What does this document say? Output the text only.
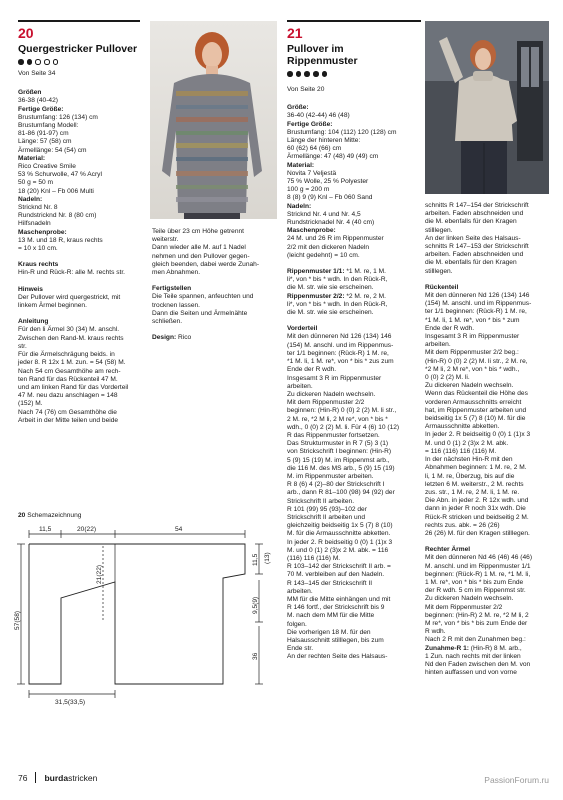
20
Quergestricker Pullover
Von Seite 34
Größen
36-38 (40-42)
Fertige Größe:
Brustumfang: 126 (134) cm
Brustumfang Modell:
81-86 (91-97) cm
Länge: 57 (58) cm
Ärmellänge: 54 (54) cm
Material:
Rico Creative Smile
53 % Schurwolle, 47 % Acryl
50 g = 50 m
18 (20) Knl – Fb 006 Multi
Nadeln:
Stricknd Nr. 8
Rundstricknd Nr. 8 (80 cm)
Hilfsnadeln
Maschenprobe:
13 M. und 18 R, kraus rechts
= 10 x 10 cm.
Kraus rechts
Hin-R und Rück-R: alle M. rechts str.
Hinweis
Der Pullover wird quergestrickt, mit
linkem Ärmel beginnen.
Anleitung
Für den li Ärmel 30 (34) M. anschl.
Zwischen den Rand-M. kraus rechts
str.
Für die Ärmelschrägung beids. in
jeder 8. R 12x 1 M. zun. = 54 (58) M.
Nach 54 cm Gesamthöhe am rech-
ten Rand für das Rückenteil 47 M.
und am linken Rand für das Vorderteil
47 M. neu dazu anschlagen = 148
(152) M.
Nach 74 (76) cm Gesamthöhe die
Arbeit in der Mitte teilen und beide
20 Schemazeichnung
Teile über 23 cm Höhe getrennt
weiterstr.
Dann wieder alle M. auf 1 Nadel
nehmen und den Pullover gegen-
gleich beenden, dabei werde Zunah-
men Abnahmen.
Fertigstellen
Die Teile spannen, anfeuchten und
trocknen lassen.
Dann die Seiten und Ärmelnähte
schließen.
Design: Rico
11,5	20(22)	54
21(22)
57(58)
31,5(33,5)
11,5 (13)
9,5(9)
36
21
Pullover im
Rippenmuster
Von Seite 20
Größe:
36-40 (42-44) 46 (48)
Fertige Größe:
Brustumfang: 104 (112) 120 (128) cm
Länge der hinteren Mitte:
60 (62) 64 (66) cm
Ärmellänge: 47 (48) 49 (49) cm
Material:
Novita 7 Veljestä
75 % Wolle, 25 % Polyester
100 g = 200 m
8 (8) 9 (9) Knl – Fb 060 Sand
Nadeln:
Stricknd Nr. 4 und Nr. 4,5
Rundstricknadel Nr. 4 (40 cm)
Maschenprobe:
24 M. und 26 R im Rippenmuster
2/2 mit den dickeren Nadeln
(leicht gedehnt) = 10 cm.
Rippenmuster 1/1: *1 M. re, 1 M.
li*, von * bis * wdh. In den Rück-R,
die M. str. wie sie erscheinen.
Rippenmuster 2/2: *2 M. re, 2 M.
li*, von * bis * wdh. In den Rück-R,
die M. str. wie sie erscheinen.
Vorderteil
Mit den dünneren Nd 126 (134) 146
(154) M. anschl. und im Rippenmus-
ter 1/1 beginnen: (Rück-R) 1 M. re,
*1 M. li, 1 M. re*, von * bis * zus zum
Ende der R wdh.
Insgesamt 3 R im Rippenmuster
arbeiten.
Zu dickeren Nadeln wechseln.
Mit dem Rippenmuster 2/2
beginnen: (Hin-R) 0 (0) 2 (2) M. li str.,
2 M. re, *2 M li, 2 M re*, von * bis *
wdh., 0 (0) 2 (2) M. li. Für 4 (6) 10 (12)
R das Rippenmuster fortsetzen.
Das Strukturmuster in R 7 (5) 3 (1)
von Strickschrift I beginnen: (Hin-R)
5 (9) 15 (19) M. im Rippenmst arb.,
die 116 M. des MS arb., 5 (9) 15 (19)
M. im Rippenmuster arbeiten.
R 8 (6) 4 (2)–80 der Strickschrift I
arb., dann R 81–100 (98) 94 (92) der
Strickschrift II arbeiten.
R 101 (99) 95 (93)–102 der
Strickschrift II arbeiten und
gleichzeitig beidseitig 1x 5 (7) 8 (10)
M. für die Armausschnitte abketten.
In jeder 2. R beidseitig 0 (0) 1 (1)x 3
M. und 0 (1) 2 (3)x 2 M. abk. = 116
(116) 116 (116) M.
R 103–142 der Strickschrift II arb. =
70 M. verbleiben auf den Nadeln.
R 143–145 der Strickschrift II
arbeiten.
MM für die Mitte einhängen und mit
R 146 fortf., der Strickschrift bis 9
M. nach dem MM für die Mitte
folgen.
Die vorherigen 18 M. für den
Halsausschnitt stilllegen, bis zum
Ende str.
An der rechten Seite des Halsaus-
schnitts R 147–154 der Strickschrift
arbeiten. Faden abschneiden und
die M. ebenfalls für den Kragen
stilllegen.
An der linken Seite des Halsaus-
schnitts R 147–153 der Strickschrift
arbeiten. Faden abschneiden und
die M. ebenfalls für den Kragen
stilllegen.
Rückenteil
Mit den dünneren Nd 126 (134) 146
(154) M. anschl. und im Rippenmus-
ter 1/1 beginnen: (Rück-R) 1 M. re,
*1 M. li, 1 M. re*, von * bis * zum
Ende der R wdh.
Insgesamt 3 R im Rippenmuster
arbeiten.
Mit dem Rippenmuster 2/2 beg.:
(Hin-R) 0 (0) 2 (2) M. li str., 2 M. re,
*2 M li, 2 M re*, von * bis * wdh.,
0 (0) 2 (2) M. li.
Zu dickeren Nadeln wechseln.
Wenn das Rückenteil die Höhe des
vorderen Armausschnitts erreicht
hat, im Rippenmuster arbeiten und
beidseitig 1x 5 (7) 8 (10) M. für die
Armausschnitte abketten.
In jeder 2. R beidseitig 0 (0) 1 (1)x 3
M. und 0 (1) 2 (3)x 2 M. abk.
= 116 (116) 116 (116) M.
In der nächsten Hin-R mit den
Abnahmen beginnen: 1 M. re, 2 M.
li, 1 M. re, Überzug, bis auf die
letzten 6 M. weiterstr., 2 M. rechts
zus. str., 1 M. re, 2 M. li, 1 M. re.
Die Abn. in jeder 2. R 12x wdh. und
dann in jeder R noch 31x wdh. Die
Rück-R stricken und beidseitig 2 M.
rechts zus. abk. = 26 (26)
26 (26) M. für den Kragen stilllegen.
Rechter Ärmel
Mit den dünneren Nd 46 (46) 46 (46)
M. anschl. und im Rippenmuster 1/1
beginnen: (Rück-R) 1 M. re, *1 M. li,
1 M. re*, von * bis * bis zum Ende
der R wdh. 5 cm im Rippenmst str.
Zu dickeren Nadeln wechseln.
Mit dem Rippenmuster 2/2
beginnen: (Hin-R) 2 M. re, *2 M li, 2
M re*, von * bis * bis zum Ende der
R wdh.
Nach 2 R mit den Zunahmen beg.:
Zunahme-R 1: (Hin-R) 8 M. arb.,
1 Zun. nach rechts mit der linken
Nd den Faden zwischen den M. von
hinten auffassen und von vorne
76 burdastricken	PassionForum.ru
